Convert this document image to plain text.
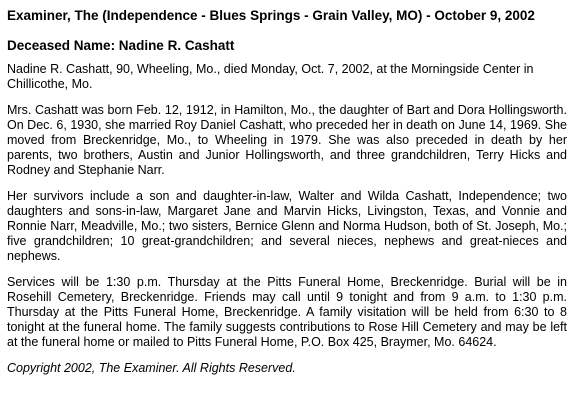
Examiner, The (Independence - Blues Springs - Grain Valley, MO) - October 9, 2002
Deceased Name: Nadine R. Cashatt

Nadine R. Cashatt, 90, Wheeling, Mo., died Monday, Oct. 7, 2002, at the Morningside Center in Chillicothe, Mo.

Mrs. Cashatt was born Feb. 12, 1912, in Hamilton, Mo., the daughter of Bart and Dora Hollingsworth. On Dec. 6, 1930, she married Roy Daniel Cashatt, who preceded her in death on June 14, 1969. She moved from Breckenridge, Mo., to Wheeling in 1979. She was also preceded in death by her parents, two brothers, Austin and Junior Hollingsworth, and three grandchildren, Terry Hicks and Rodney and Stephanie Narr.

Her survivors include a son and daughter-in-law, Walter and Wilda Cashatt, Independence; two daughters and sons-in-law, Margaret Jane and Marvin Hicks, Livingston, Texas, and Vonnie and Ronnie Narr, Meadville, Mo.; two sisters, Bernice Glenn and Norma Hudson, both of St. Joseph, Mo.; five grandchildren; 10 great-grandchildren; and several nieces, nephews and great-nieces and nephews.

Services will be 1:30 p.m. Thursday at the Pitts Funeral Home, Breckenridge. Burial will be in Rosehill Cemetery, Breckenridge. Friends may call until 9 tonight and from 9 a.m. to 1:30 p.m. Thursday at the Pitts Funeral Home, Breckenridge. A family visitation will be held from 6:30 to 8 tonight at the funeral home. The family suggests contributions to Rose Hill Cemetery and may be left at the funeral home or mailed to Pitts Funeral Home, P.O. Box 425, Braymer, Mo. 64624.

Copyright 2002, The Examiner. All Rights Reserved.
